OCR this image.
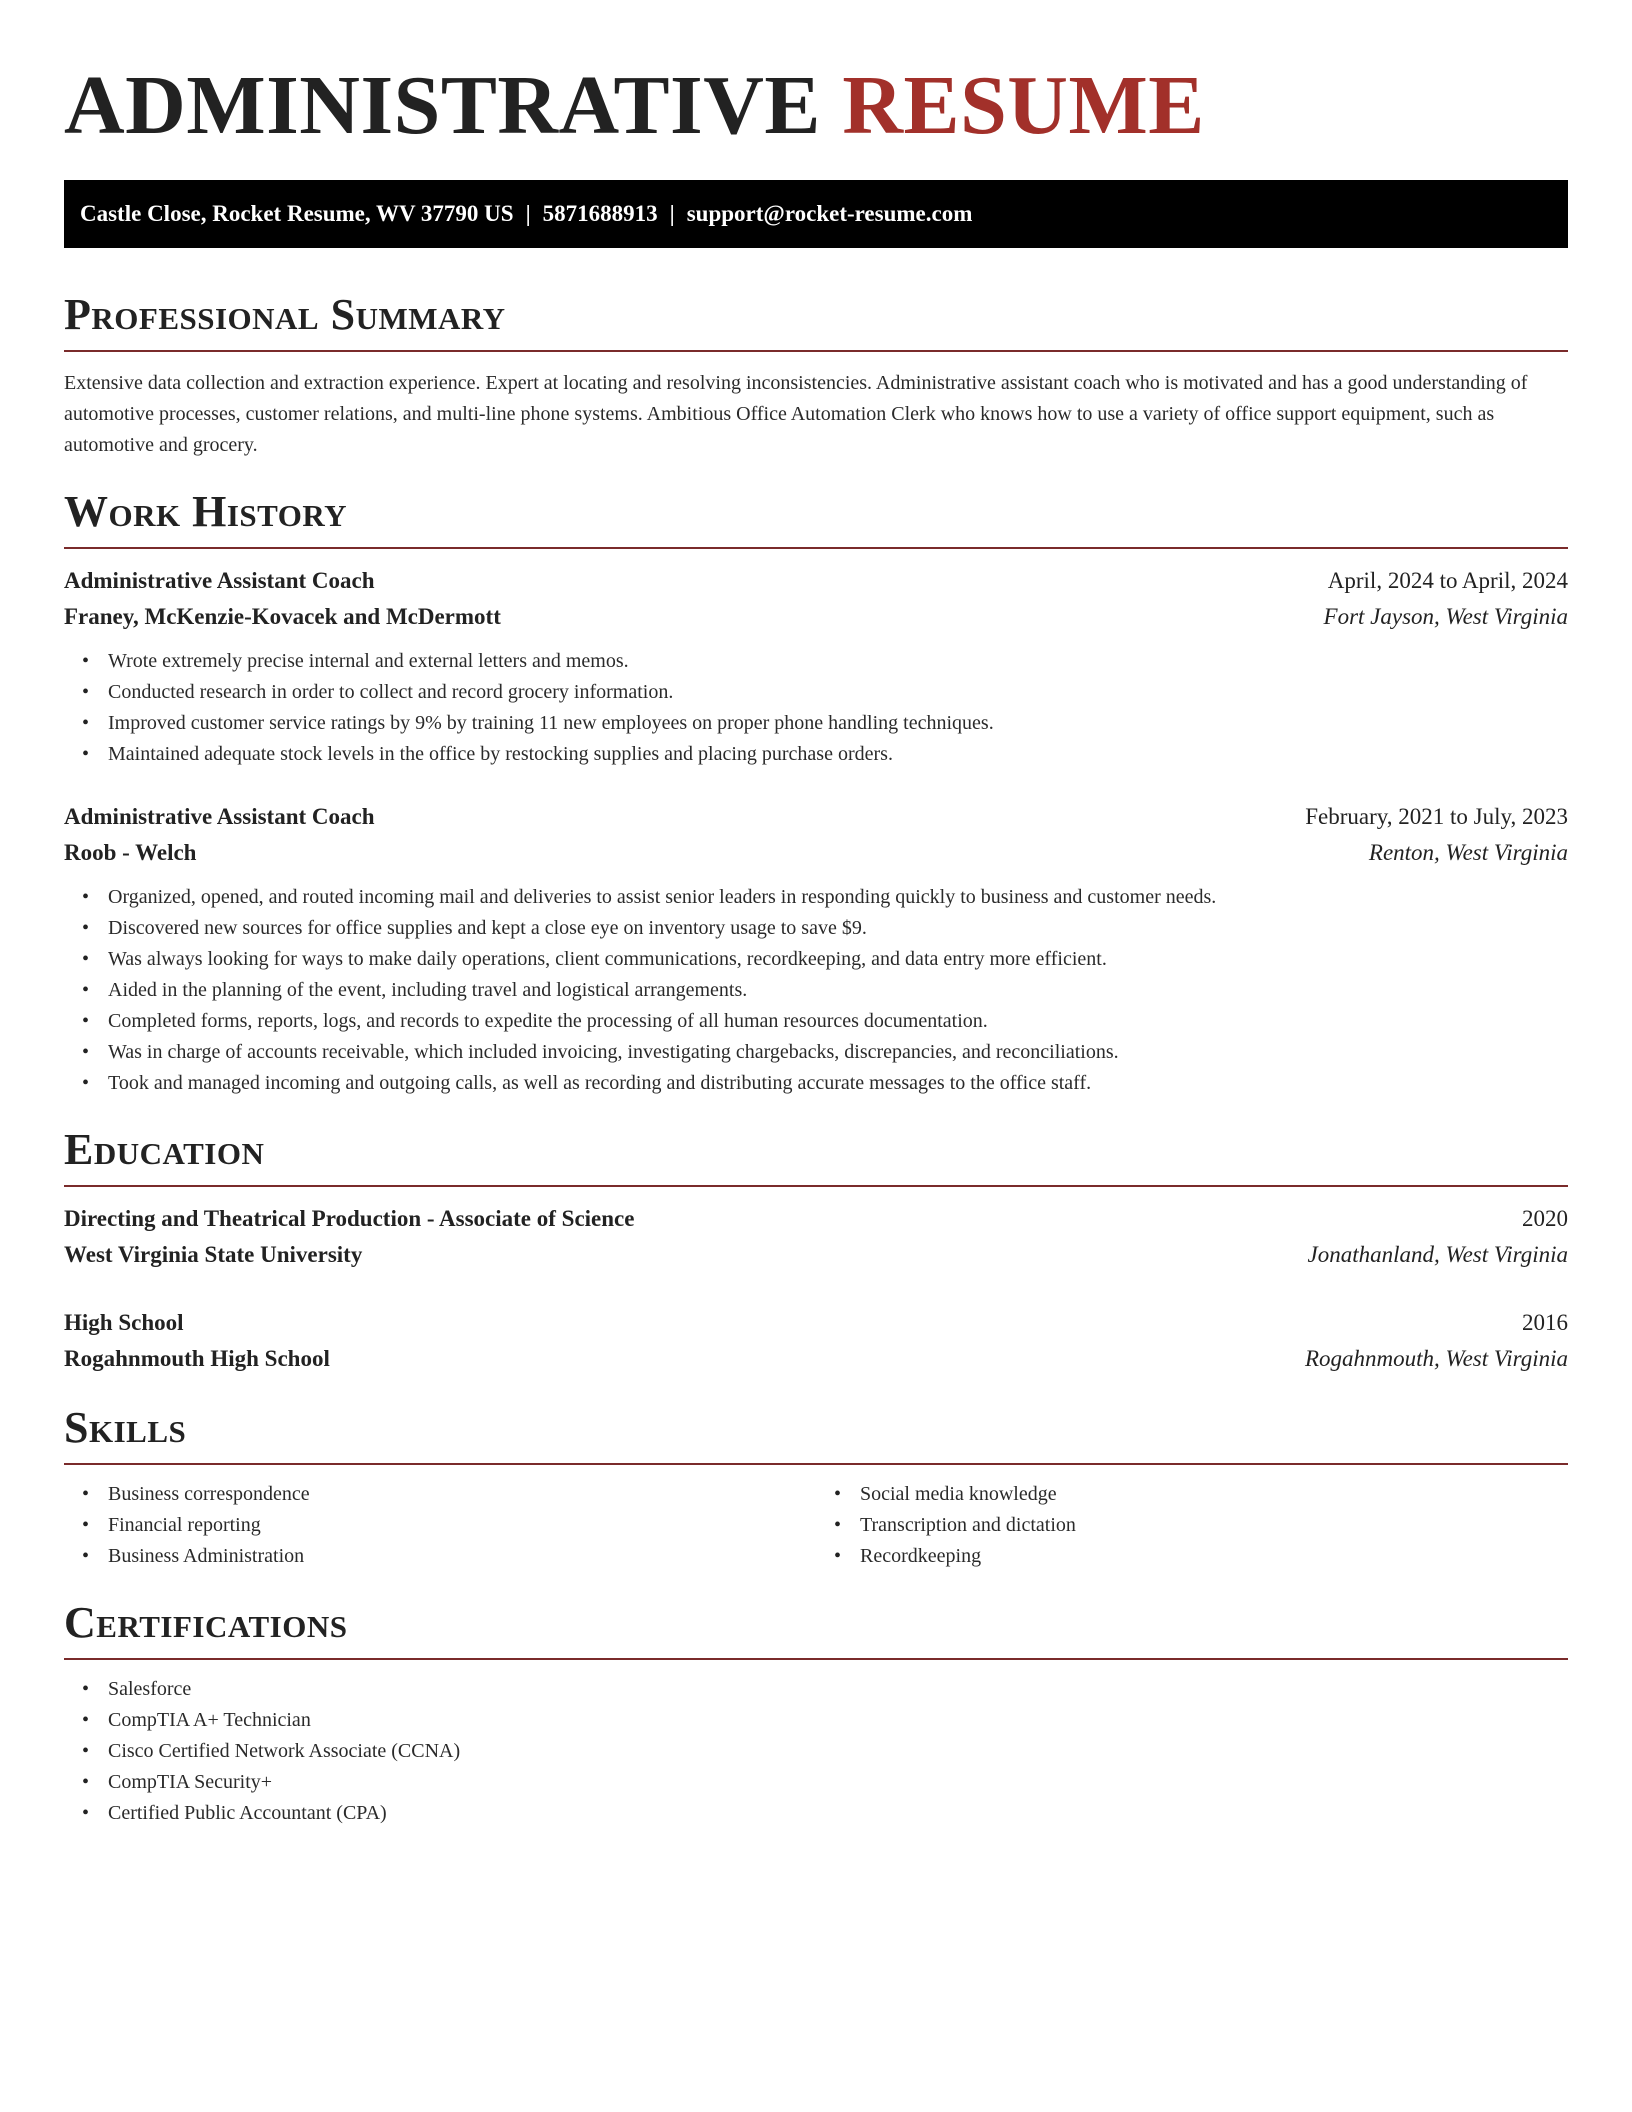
ADMINISTRATIVE RESUME
Castle Close, Rocket Resume, WV 37790 US | 5871688913 | support@rocket-resume.com
Professional Summary

Extensive data collection and extraction experience. Expert at locating and resolving inconsistencies. Administrative assistant coach who is motivated and has a good understanding of automotive processes, customer relations, and multi-line phone systems. Ambitious Office Automation Clerk who knows how to use a variety of office support equipment, such as automotive and grocery.

Work History
Administrative Assistant Coach	April, 2024 to April, 2024
Franey, McKenzie-Kovacek and McDermott	Fort Jayson, West Virginia
• Wrote extremely precise internal and external letters and memos.
• Conducted research in order to collect and record grocery information.
• Improved customer service ratings by 9% by training 11 new employees on proper phone handling techniques.
• Maintained adequate stock levels in the office by restocking supplies and placing purchase orders.
Administrative Assistant Coach	February, 2021 to July, 2023
Roob - Welch	Renton, West Virginia
• Organized, opened, and routed incoming mail and deliveries to assist senior leaders in responding quickly to business and customer needs.
• Discovered new sources for office supplies and kept a close eye on inventory usage to save $9.
• Was always looking for ways to make daily operations, client communications, recordkeeping, and data entry more efficient.
• Aided in the planning of the event, including travel and logistical arrangements.
• Completed forms, reports, logs, and records to expedite the processing of all human resources documentation.
• Was in charge of accounts receivable, which included invoicing, investigating chargebacks, discrepancies, and reconciliations.
• Took and managed incoming and outgoing calls, as well as recording and distributing accurate messages to the office staff.
Education
Directing and Theatrical Production - Associate of Science	2020
West Virginia State University	Jonathanland, West Virginia
High School	2016
Rogahnmouth High School	Rogahnmouth, West Virginia
Skills
• Business correspondence
• Financial reporting
• Business Administration
• Social media knowledge
• Transcription and dictation
• Recordkeeping
Certifications
• Salesforce
• CompTIA A+ Technician
• Cisco Certified Network Associate (CCNA)
• CompTIA Security+
• Certified Public Accountant (CPA)
